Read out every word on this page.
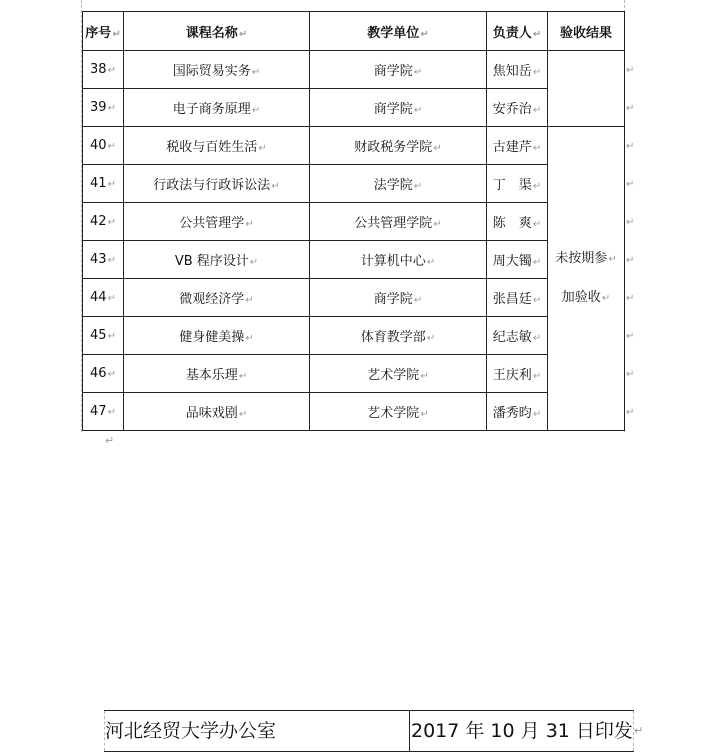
序号↵	课程名称↵	教学单位↵	负责人↵	验收结果
38↵	国际贸易实务↵	商学院↵	焦知岳↵	
39↵	电子商务原理↵	商学院↵	安乔治↵	
40↵	税收与百姓生活↵	财政税务学院↵	古建芹↵	未按期参↵
加验收↵

41↵	行政法与行政诉讼法↵	法学院↵	丁　渠↵	
42↵	公共管理学↵	公共管理学院↵	陈　爽↵	
43↵	VB 程序设计↵	计算机中心↵	周大镯↵	
44↵	微观经济学↵	商学院↵	张昌廷↵	
45↵	健身健美操↵	体育教学部↵	纪志敏↵	
46↵	基本乐理↵	艺术学院↵	王庆利↵	
47↵	品味戏剧↵	艺术学院↵	潘秀昀↵	
↵
↵
↵
↵
↵
↵
↵
↵
↵
↵
↵
河北经贸大学办公室	2017 年 10 月 31 日印发 ↵
